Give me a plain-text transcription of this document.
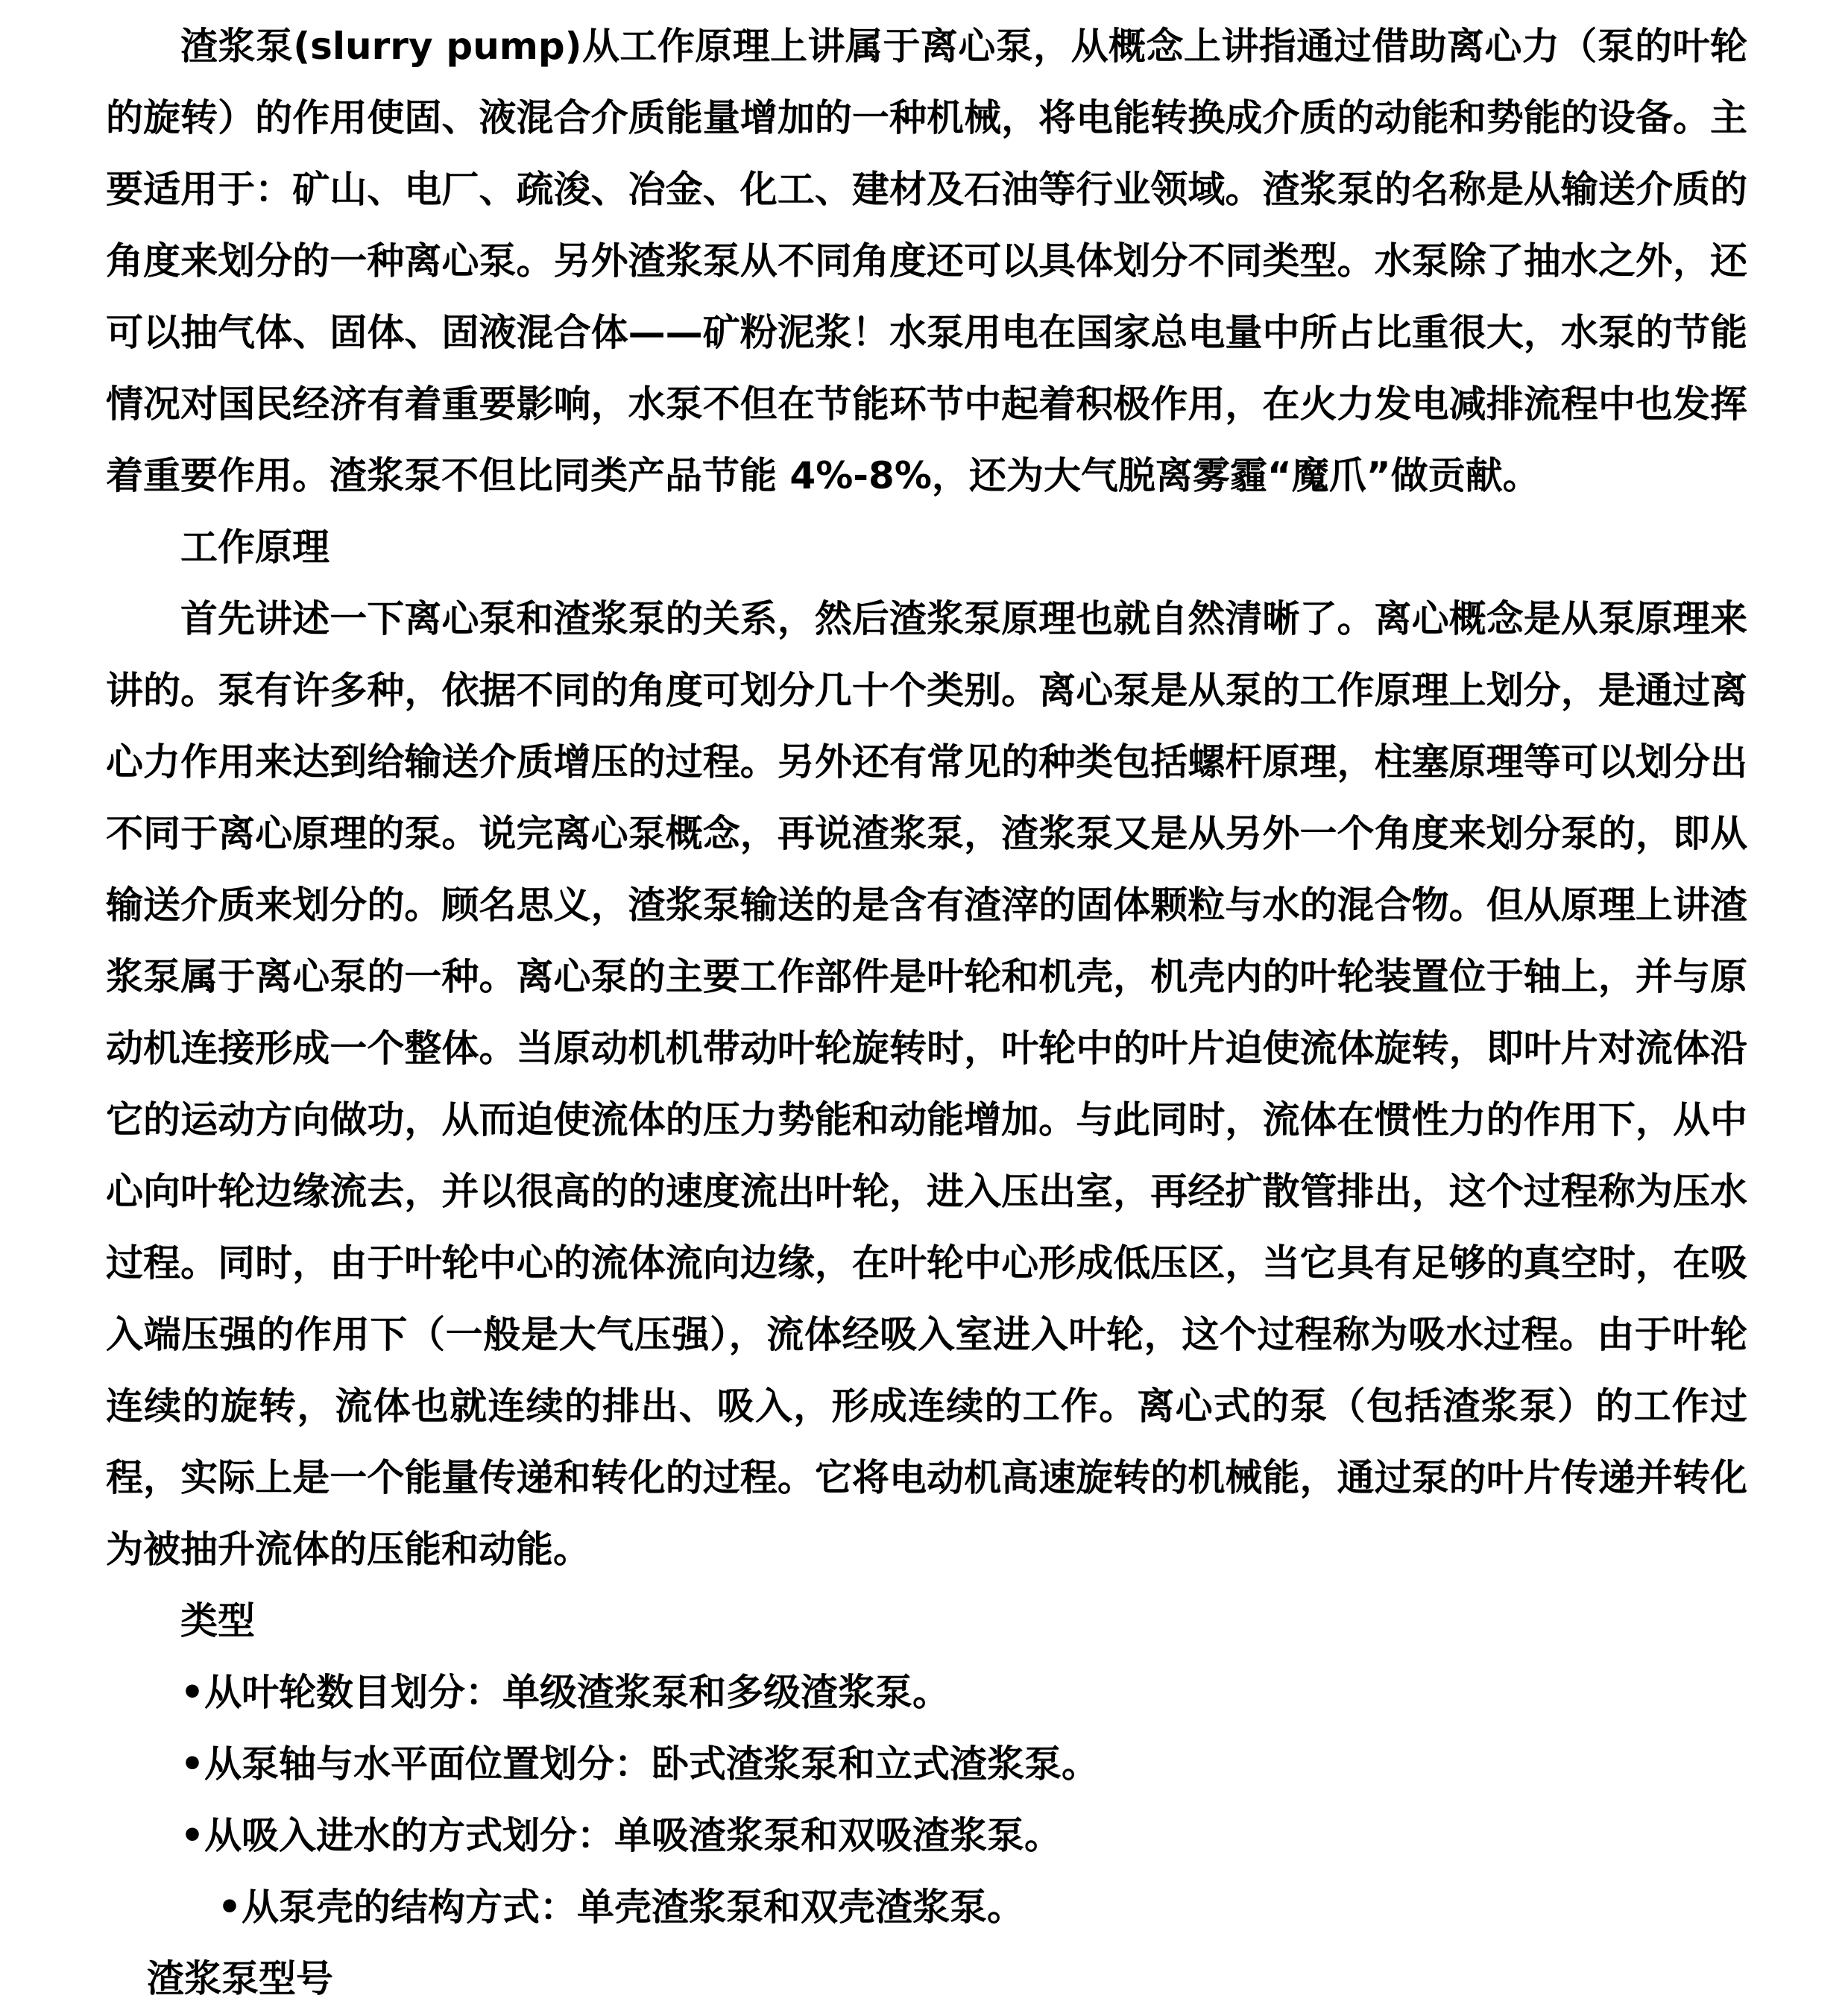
渣浆泵(slurry pump)从工作原理上讲属于离心泵，从概念上讲指通过借助离心力（泵的叶轮的旋转）的作用使固、液混合介质能量增加的一种机械，将电能转换成介质的动能和势能的设备。主要适用于：矿山、电厂、疏浚、冶金、化工、建材及石油等行业领域。渣浆泵的名称是从输送介质的角度来划分的一种离心泵。另外渣浆泵从不同角度还可以具体划分不同类型。水泵除了抽水之外，还可以抽气体、固体、固液混合体——矿粉泥浆！水泵用电在国家总电量中所占比重很大，水泵的节能情况对国民经济有着重要影响，水泵不但在节能环节中起着积极作用，在火力发电减排流程中也发挥着重要作用。渣浆泵不但比同类产品节能 4%-8%，还为大气脱离雾霾“魔爪”做贡献。

工作原理

首先讲述一下离心泵和渣浆泵的关系，然后渣浆泵原理也就自然清晰了。离心概念是从泵原理来讲的。泵有许多种，依据不同的角度可划分几十个类别。离心泵是从泵的工作原理上划分，是通过离心力作用来达到给输送介质增压的过程。另外还有常见的种类包括螺杆原理，柱塞原理等可以划分出不同于离心原理的泵。说完离心泵概念，再说渣浆泵，渣浆泵又是从另外一个角度来划分泵的，即从输送介质来划分的。顾名思义，渣浆泵输送的是含有渣滓的固体颗粒与水的混合物。但从原理上讲渣浆泵属于离心泵的一种。离心泵的主要工作部件是叶轮和机壳，机壳内的叶轮装置位于轴上，并与原动机连接形成一个整体。当原动机机带动叶轮旋转时，叶轮中的叶片迫使流体旋转，即叶片对流体沿它的运动方向做功，从而迫使流体的压力势能和动能增加。与此同时，流体在惯性力的作用下，从中心向叶轮边缘流去，并以很高的的速度流出叶轮，进入压出室，再经扩散管排出，这个过程称为压水过程。同时，由于叶轮中心的流体流向边缘，在叶轮中心形成低压区，当它具有足够的真空时，在吸入端压强的作用下（一般是大气压强），流体经吸入室进入叶轮，这个过程称为吸水过程。由于叶轮连续的旋转，流体也就连续的排出、吸入，形成连续的工作。离心式的泵（包括渣浆泵）的工作过程，实际上是一个能量传递和转化的过程。它将电动机高速旋转的机械能，通过泵的叶片传递并转化为被抽升流体的压能和动能。

类型

•从叶轮数目划分：单级渣浆泵和多级渣浆泵。

•从泵轴与水平面位置划分：卧式渣浆泵和立式渣浆泵。

•从吸入进水的方式划分：单吸渣浆泵和双吸渣浆泵。

•从泵壳的结构方式：单壳渣浆泵和双壳渣浆泵。

渣浆泵型号
